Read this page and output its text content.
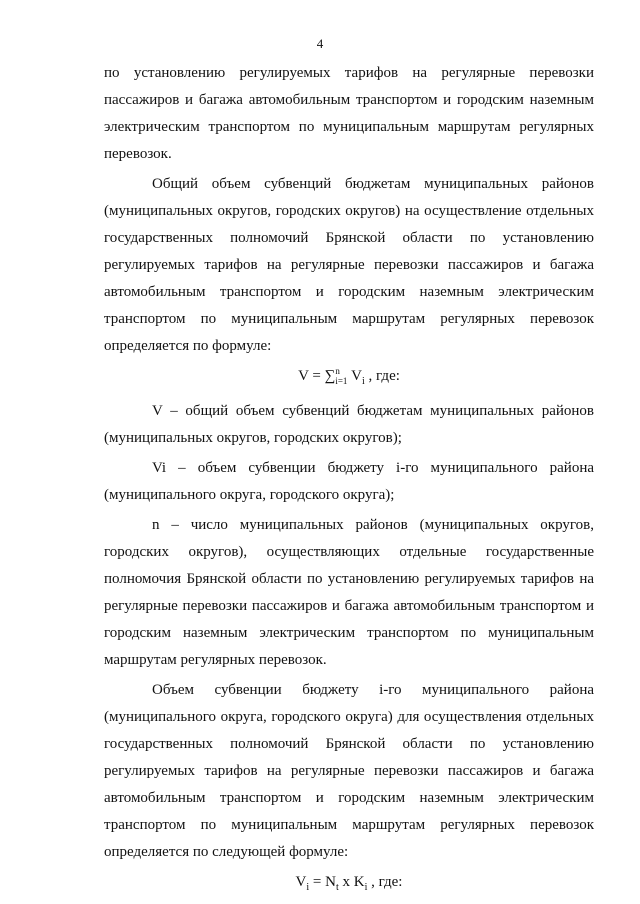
4

по установлению регулируемых тарифов на регулярные перевозки пассажиров и багажа автомобильным транспортом и городским наземным электрическим транспортом по муниципальным маршрутам регулярных перевозок.

Общий объем субвенций бюджетам муниципальных районов (муниципальных округов, городских округов) на осуществление отдельных государственных полномочий Брянской области по установлению регулируемых тарифов на регулярные перевозки пассажиров и багажа автомобильным транспортом и городским наземным электрическим транспортом по муниципальным маршрутам регулярных перевозок определяется по формуле:

V = ∑ n
i=1 $V_i$ , где:

V – общий объем субвенций бюджетам муниципальных районов (муниципальных округов, городских округов);

Vi – объем субвенции бюджету i-го муниципального района (муниципального округа, городского округа);

n – число муниципальных районов (муниципальных округов, городских округов), осуществляющих отдельные государственные полномочия Брянской области по установлению регулируемых тарифов на регулярные перевозки пассажиров и багажа автомобильным транспортом и городским наземным электрическим транспортом по муниципальным маршрутам регулярных перевозок.

Объем субвенции бюджету i-го муниципального района (муниципального округа, городского округа) для осуществления отдельных государственных полномочий Брянской области по установлению регулируемых тарифов на регулярные перевозки пассажиров и багажа автомобильным транспортом и городским наземным электрическим транспортом по муниципальным маршрутам регулярных перевозок определяется по следующей формуле:

$V_i = N_t$ x $K_i$ , где:
